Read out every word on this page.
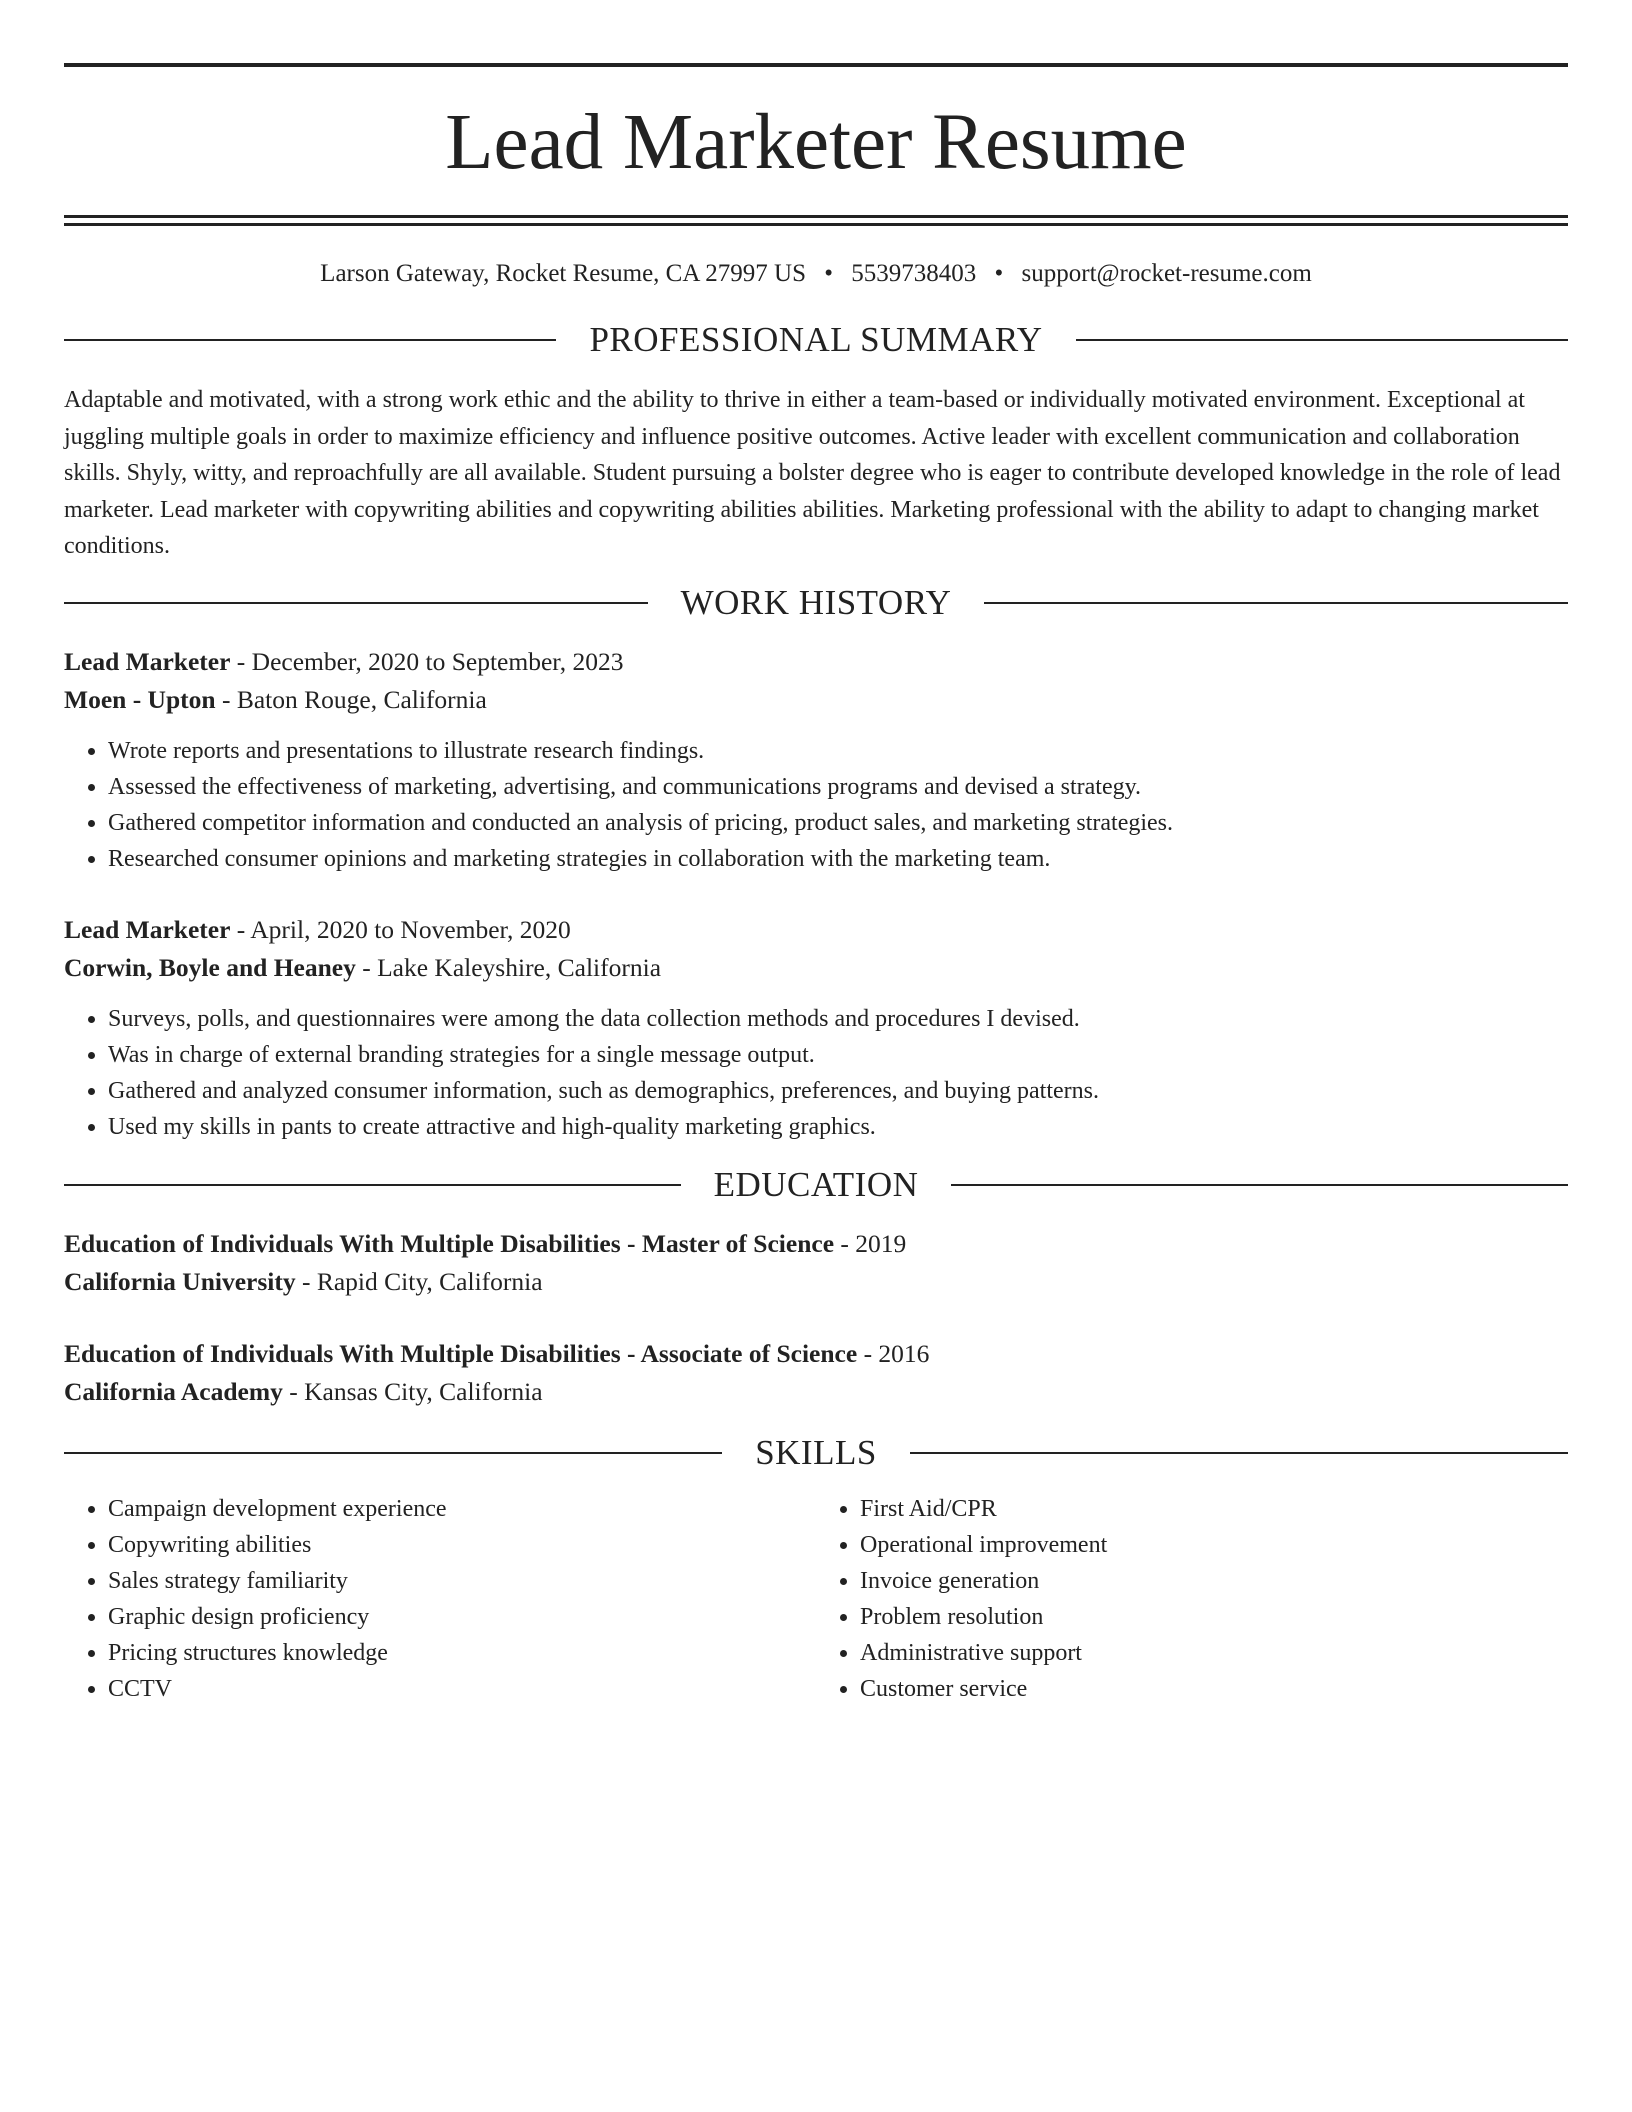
Lead Marketer Resume
Larson Gateway, Rocket Resume, CA 27997 US • 5539738403 • support@rocket-resume.com
PROFESSIONAL SUMMARY

Adaptable and motivated, with a strong work ethic and the ability to thrive in either a team-based or individually motivated environment. Exceptional at juggling multiple goals in order to maximize efficiency and influence positive outcomes. Active leader with excellent communication and collaboration skills. Shyly, witty, and reproachfully are all available. Student pursuing a bolster degree who is eager to contribute developed knowledge in the role of lead marketer. Lead marketer with copywriting abilities and copywriting abilities abilities. Marketing professional with the ability to adapt to changing market conditions.

WORK HISTORY
Lead Marketer - December, 2020 to September, 2023
Moen - Upton - Baton Rouge, California
• Wrote reports and presentations to illustrate research findings.
• Assessed the effectiveness of marketing, advertising, and communications programs and devised a strategy.
• Gathered competitor information and conducted an analysis of pricing, product sales, and marketing strategies.
• Researched consumer opinions and marketing strategies in collaboration with the marketing team.
Lead Marketer - April, 2020 to November, 2020
Corwin, Boyle and Heaney - Lake Kaleyshire, California
• Surveys, polls, and questionnaires were among the data collection methods and procedures I devised.
• Was in charge of external branding strategies for a single message output.
• Gathered and analyzed consumer information, such as demographics, preferences, and buying patterns.
• Used my skills in pants to create attractive and high-quality marketing graphics.
EDUCATION
Education of Individuals With Multiple Disabilities - Master of Science - 2019
California University - Rapid City, California
Education of Individuals With Multiple Disabilities - Associate of Science - 2016
California Academy - Kansas City, California
SKILLS
• Campaign development experience
• Copywriting abilities
• Sales strategy familiarity
• Graphic design proficiency
• Pricing structures knowledge
• CCTV
• First Aid/CPR
• Operational improvement
• Invoice generation
• Problem resolution
• Administrative support
• Customer service
